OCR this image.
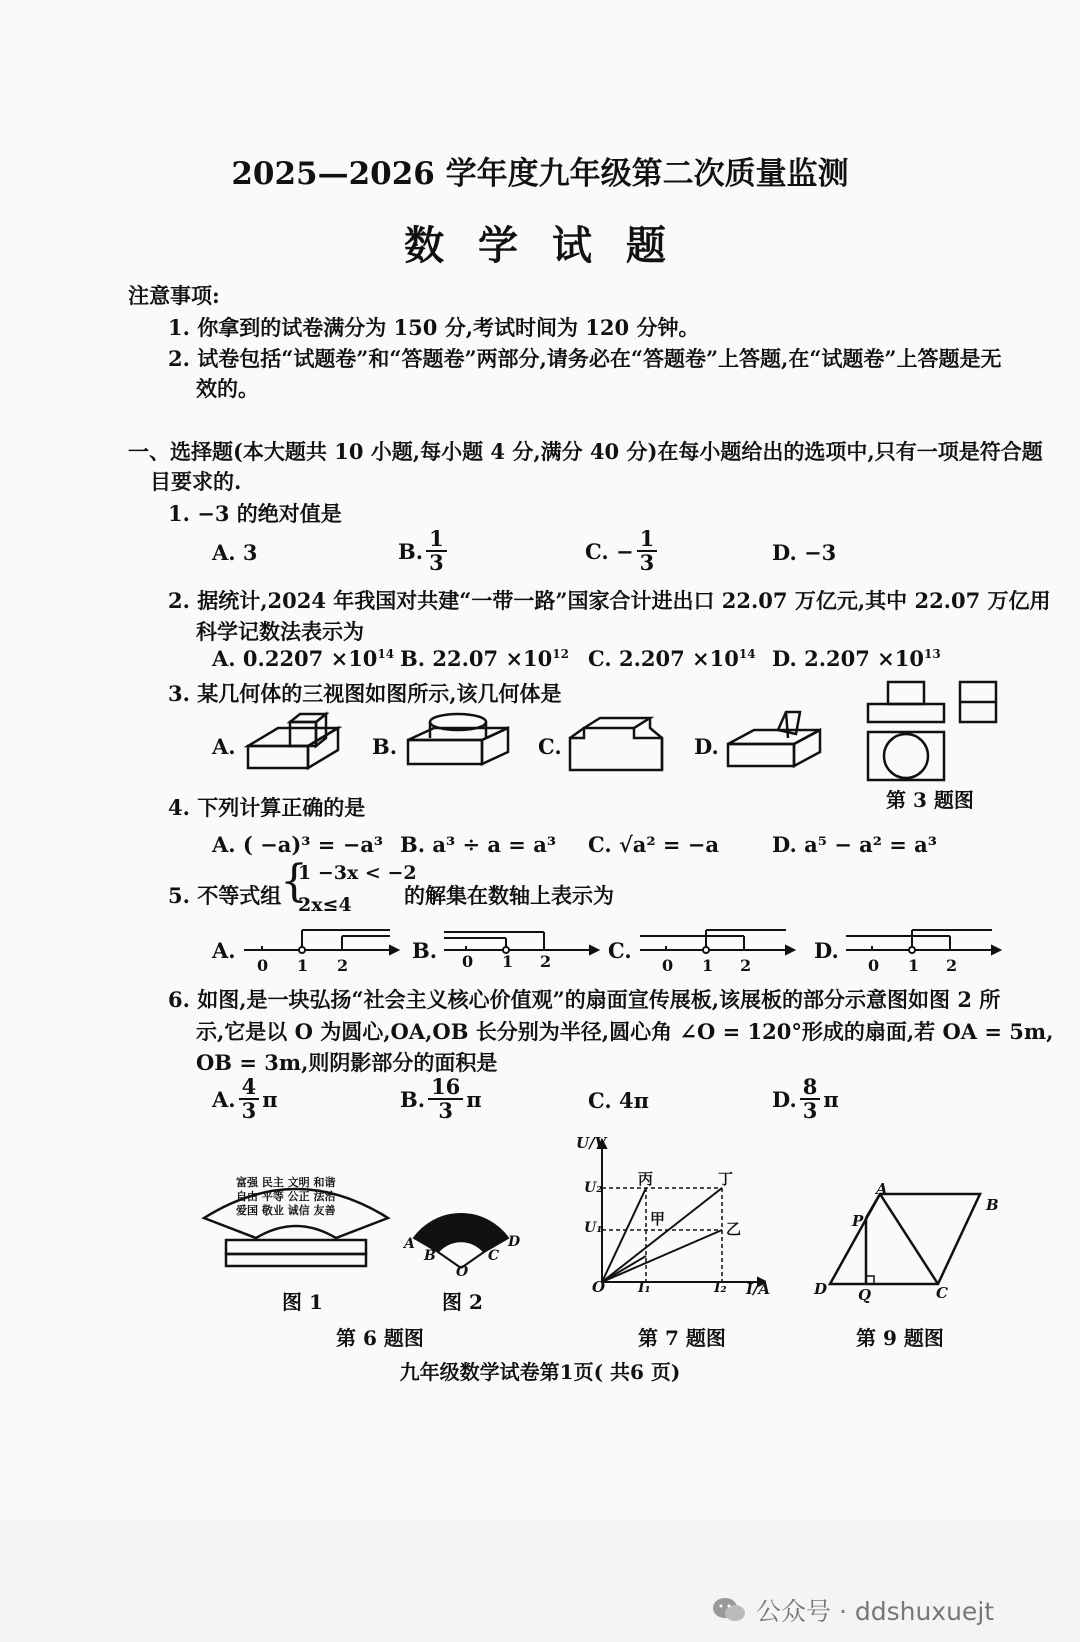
2025—2026 学年度九年级第二次质量监测
数 学 试 题
注意事项:
1. 你拿到的试卷满分为 150 分,考试时间为 120 分钟。
2. 试卷包括“试题卷”和“答题卷”两部分,请务必在“答题卷”上答题,在“试题卷”上答题是无
效的。
一、选择题(本大题共 10 小题,每小题 4 分,满分 40 分)在每小题给出的选项中,只有一项是符合题
目要求的.
1. −3 的绝对值是
A. 3	B. $\frac{1}{3}$	C. − $\frac{1}{3}$	D. −3
2. 据统计,2024 年我国对共建“一带一路”国家合计进出口 22.07 万亿元,其中 22.07 万亿用
科学记数法表示为
A. $0.2207 \times 10^{14}$ B. $22.07 \times 10^{12}$ C. $2.207 \times 10^{14}$ D. $2.207 \times 10^{13}$
3. 某几何体的三视图如图所示,该几何体是
A.	B.	C.	D.
第 3 题图
4. 下列计算正确的是
A. ( −a)³ = −a³ B. a³ ÷ a = a³ C. √a² = −a	D. a⁵ − a² = a³
5. 不等式组
{
1 −3x < −2
2x≤4 的解集在数轴上表示为
A.	B.	C.	D.
0 1 2	0 1 2	0 1 2	0 1 2
6. 如图,是一块弘扬“社会主义核心价值观”的扇面宣传展板,该展板的部分示意图如图 2 所
示,它是以 O 为圆心,OA,OB 长分别为半径,圆心角 ∠O = 120°形成的扇面,若 OA = 5m,
OB = 3m,则阴影部分的面积是
A. $\frac{4}{3}$ π	B. $\frac{16}{3}$ π	C. 4π	D. $\frac{8}{3}$ π
富强 民主 文明 和谐
自由 平等 公正 法治
爱国 敬业 诚信 友善
A
B
O
C
D
图 1	图 2
第 6 题图
U/V
I/A
O
U₂
U₁
I₁	I₂
丙	丁
甲
乙
第 7 题图
A
B
P
D Q	C
第 9 题图
九年级数学试卷第1页( 共6 页)
公众号 · ddshuxuejt
